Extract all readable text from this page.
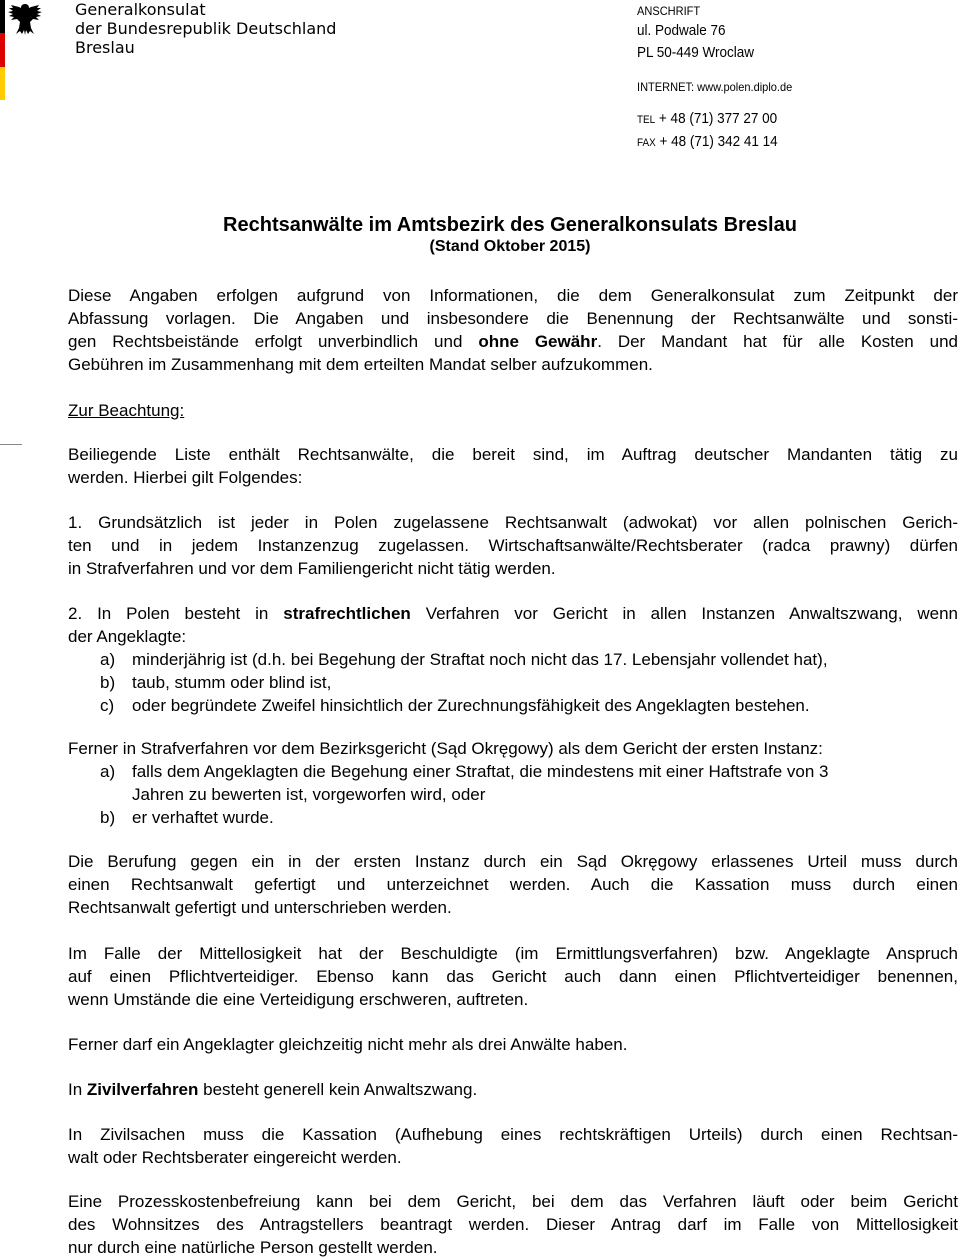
Generalkonsulat
der Bundesrepublik Deutschland
Breslau
ANSCHRIFT
ul. Podwale 76
PL 50-449 Wroclaw
INTERNET: www.polen.diplo.de
TEL + 48 (71) 377 27 00
FAX + 48 (71) 342 41 14
Rechtsanwälte im Amtsbezirk des Generalkonsulats Breslau
(Stand Oktober 2015)
Diese Angaben erfolgen aufgrund von Informationen, die dem Generalkonsulat zum Zeitpunkt der
Abfassung vorlagen. Die Angaben und insbesondere die Benennung der Rechtsanwälte und sonsti-
gen Rechtsbeistände erfolgt unverbindlich und ohne Gewähr. Der Mandant hat für alle Kosten und
Gebühren im Zusammenhang mit dem erteilten Mandat selber aufzukommen.
Zur Beachtung:
Beiliegende Liste enthält Rechtsanwälte, die bereit sind, im Auftrag deutscher Mandanten tätig zu
werden. Hierbei gilt Folgendes:
1. Grundsätzlich ist jeder in Polen zugelassene Rechtsanwalt (adwokat) vor allen polnischen Gerich-
ten und in jedem Instanzenzug zugelassen. Wirtschaftsanwälte/Rechtsberater (radca prawny) dürfen
in Strafverfahren und vor dem Familiengericht nicht tätig werden.
2. In Polen besteht in strafrechtlichen Verfahren vor Gericht in allen Instanzen Anwaltszwang, wenn
der Angeklagte:
a) minderjährig ist (d.h. bei Begehung der Straftat noch nicht das 17. Lebensjahr vollendet hat),
b) taub, stumm oder blind ist,
c) oder begründete Zweifel hinsichtlich der Zurechnungsfähigkeit des Angeklagten bestehen.
Ferner in Strafverfahren vor dem Bezirksgericht (Sąd Okręgowy) als dem Gericht der ersten Instanz:
a) falls dem Angeklagten die Begehung einer Straftat, die mindestens mit einer Haftstrafe von 3
Jahren zu bewerten ist, vorgeworfen wird, oder
b) er verhaftet wurde.
Die Berufung gegen ein in der ersten Instanz durch ein Sąd Okręgowy erlassenes Urteil muss durch
einen Rechtsanwalt gefertigt und unterzeichnet werden. Auch die Kassation muss durch einen
Rechtsanwalt gefertigt und unterschrieben werden.
Im Falle der Mittellosigkeit hat der Beschuldigte (im Ermittlungsverfahren) bzw. Angeklagte Anspruch
auf einen Pflichtverteidiger. Ebenso kann das Gericht auch dann einen Pflichtverteidiger benennen,
wenn Umstände die eine Verteidigung erschweren, auftreten.
Ferner darf ein Angeklagter gleichzeitig nicht mehr als drei Anwälte haben.
In Zivilverfahren besteht generell kein Anwaltszwang.
In Zivilsachen muss die Kassation (Aufhebung eines rechtskräftigen Urteils) durch einen Rechtsan-
walt oder Rechtsberater eingereicht werden.
Eine Prozesskostenbefreiung kann bei dem Gericht, bei dem das Verfahren läuft oder beim Gericht
des Wohnsitzes des Antragstellers beantragt werden. Dieser Antrag darf im Falle von Mittellosigkeit
nur durch eine natürliche Person gestellt werden.
